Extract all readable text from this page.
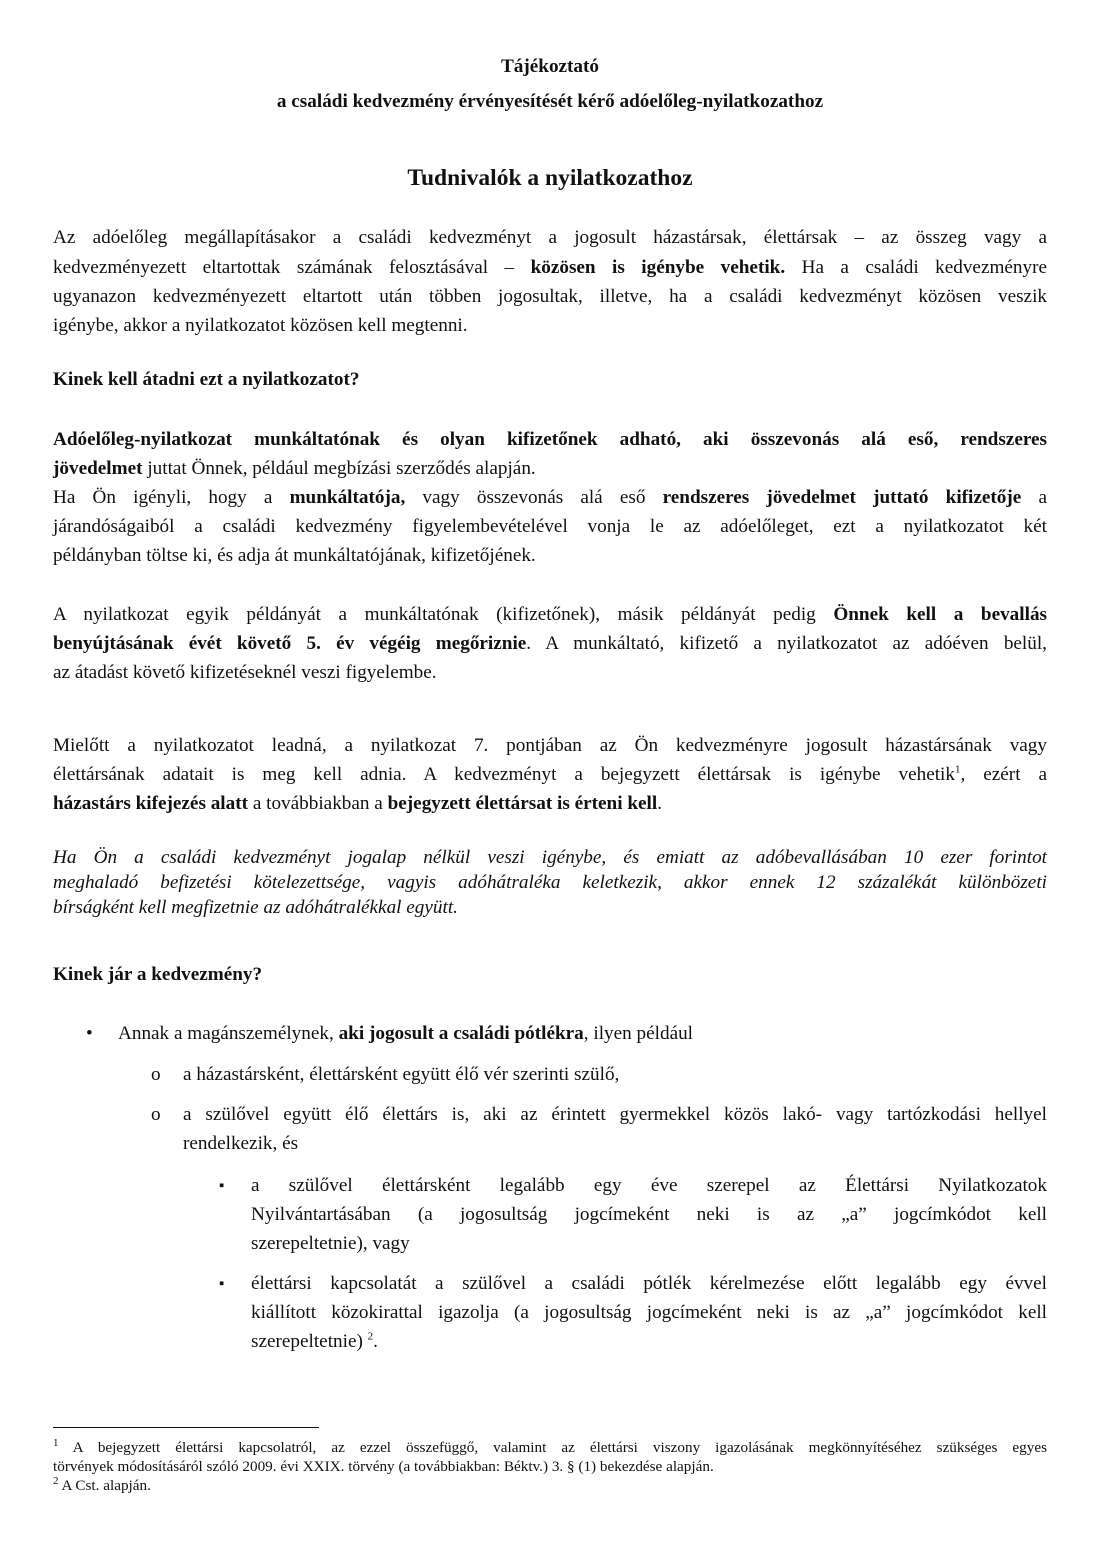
Tájékoztató
a családi kedvezmény érvényesítését kérő adóelőleg-nyilatkozathoz
Tudnivalók a nyilatkozathoz
Az adóelőleg megállapításakor a családi kedvezményt a jogosult házastársak, élettársak – az összeg vagy a
kedvezményezett eltartottak számának felosztásával – közösen is igénybe vehetik. Ha a családi kedvezményre
ugyanazon kedvezményezett eltartott után többen jogosultak, illetve, ha a családi kedvezményt közösen veszik
igénybe, akkor a nyilatkozatot közösen kell megtenni.
Kinek kell átadni ezt a nyilatkozatot?
Adóelőleg-nyilatkozat munkáltatónak és olyan kifizetőnek adható, aki összevonás alá eső, rendszeres
jövedelmet juttat Önnek, például megbízási szerződés alapján.
Ha Ön igényli, hogy a munkáltatója, vagy összevonás alá eső rendszeres jövedelmet juttató kifizetője a
járandóságaiból a családi kedvezmény figyelembevételével vonja le az adóelőleget, ezt a nyilatkozatot két
példányban töltse ki, és adja át munkáltatójának, kifizetőjének.
A nyilatkozat egyik példányát a munkáltatónak (kifizetőnek), másik példányát pedig Önnek kell a bevallás
benyújtásának évét követő 5. év végéig megőriznie. A munkáltató, kifizető a nyilatkozatot az adóéven belül,
az átadást követő kifizetéseknél veszi figyelembe.
Mielőtt a nyilatkozatot leadná, a nyilatkozat 7. pontjában az Ön kedvezményre jogosult házastársának vagy
élettársának adatait is meg kell adnia. A kedvezményt a bejegyzett élettársak is igénybe vehetik$^1$, ezért a
házastárs kifejezés alatt a továbbiakban a bejegyzett élettársat is érteni kell.
Ha Ön a családi kedvezményt jogalap nélkül veszi igénybe, és emiatt az adóbevallásában 10 ezer forintot
meghaladó befizetési kötelezettsége, vagyis adóhátraléka keletkezik, akkor ennek 12 százalékát különbözeti
bírságként kell megfizetnie az adóhátralékkal együtt.
Kinek jár a kedvezmény?
• Annak a magánszemélynek, aki jogosult a családi pótlékra, ilyen például
o a házastársként, élettársként együtt élő vér szerinti szülő,
o a szülővel együtt élő élettárs is, aki az érintett gyermekkel közös lakó- vagy tartózkodási hellyel
rendelkezik, és
▪ a szülővel élettársként legalább egy éve szerepel az Élettársi Nyilatkozatok
Nyilvántartásában (a jogosultság jogcímeként neki is az „a” jogcímkódot kell
szerepeltetnie), vagy
▪ élettársi kapcsolatát a szülővel a családi pótlék kérelmezése előtt legalább egy évvel
kiállított közokirattal igazolja (a jogosultság jogcímeként neki is az „a” jogcímkódot kell
szerepeltetnie) $^2$.
$^1$ A bejegyzett élettársi kapcsolatról, az ezzel összefüggő, valamint az élettársi viszony igazolásának megkönnyítéséhez szükséges egyes
törvények módosításáról szóló 2009. évi XXIX. törvény (a továbbiakban: Béktv.) 3. § (1) bekezdése alapján.
$^2$ A Cst. alapján.
